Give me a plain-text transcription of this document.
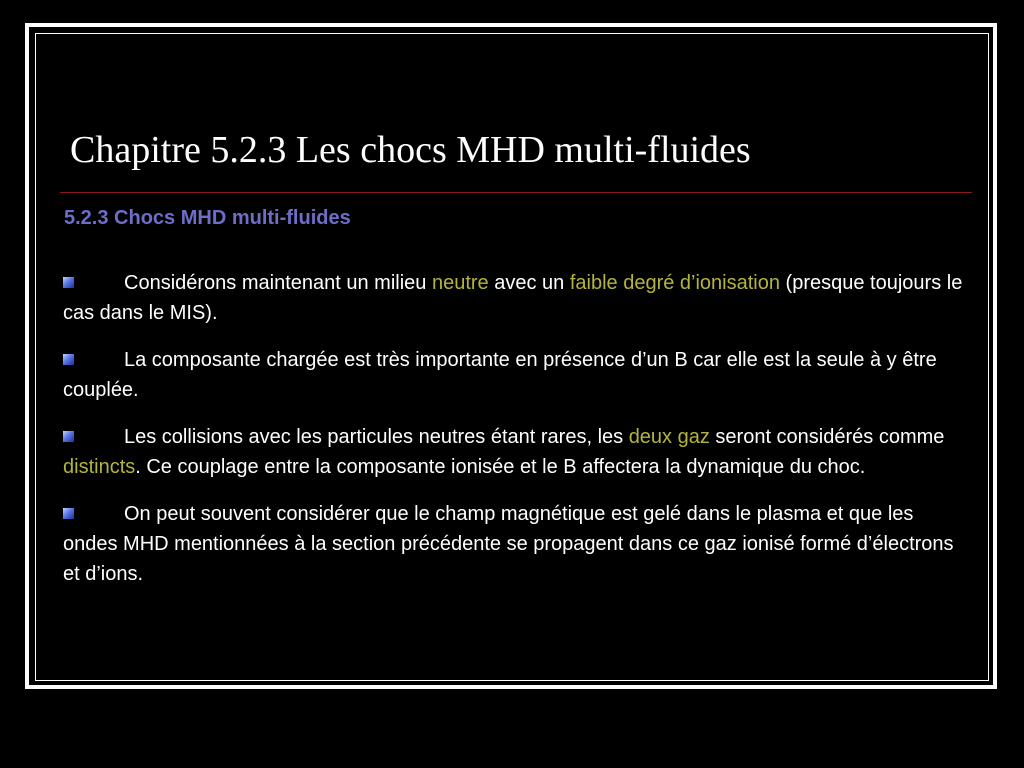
Chapitre 5.2.3 Les chocs MHD multi-fluides
5.2.3 Chocs MHD multi-fluides
Considérons maintenant un milieu neutre avec un faible degré d’ionisation (presque toujours le cas dans le MIS).
La composante chargée est très importante en présence d’un B car elle est la seule à y être couplée.
Les collisions avec les particules neutres étant rares, les deux gaz seront considérés comme distincts. Ce couplage entre la composante ionisée et le B affectera la dynamique du choc.
On peut souvent considérer que le champ magnétique est gelé dans le plasma et que les ondes MHD mentionnées à la section précédente se propagent dans ce gaz ionisé formé d’électrons et d’ions.
